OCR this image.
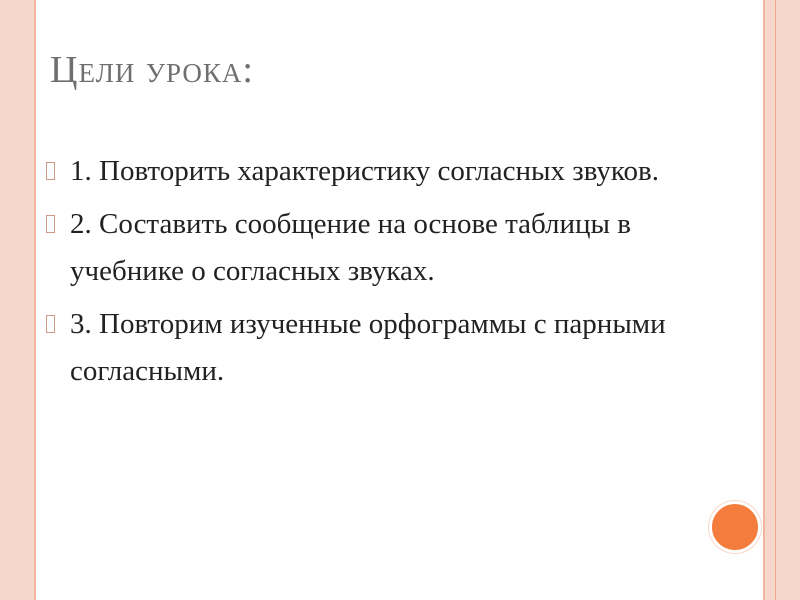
Цели урока:
1. Повторить характеристику согласных звуков.
2. Составить сообщение на основе таблицы в учебнике о согласных звуках.
3. Повторим изученные орфограммы с парными согласными.
